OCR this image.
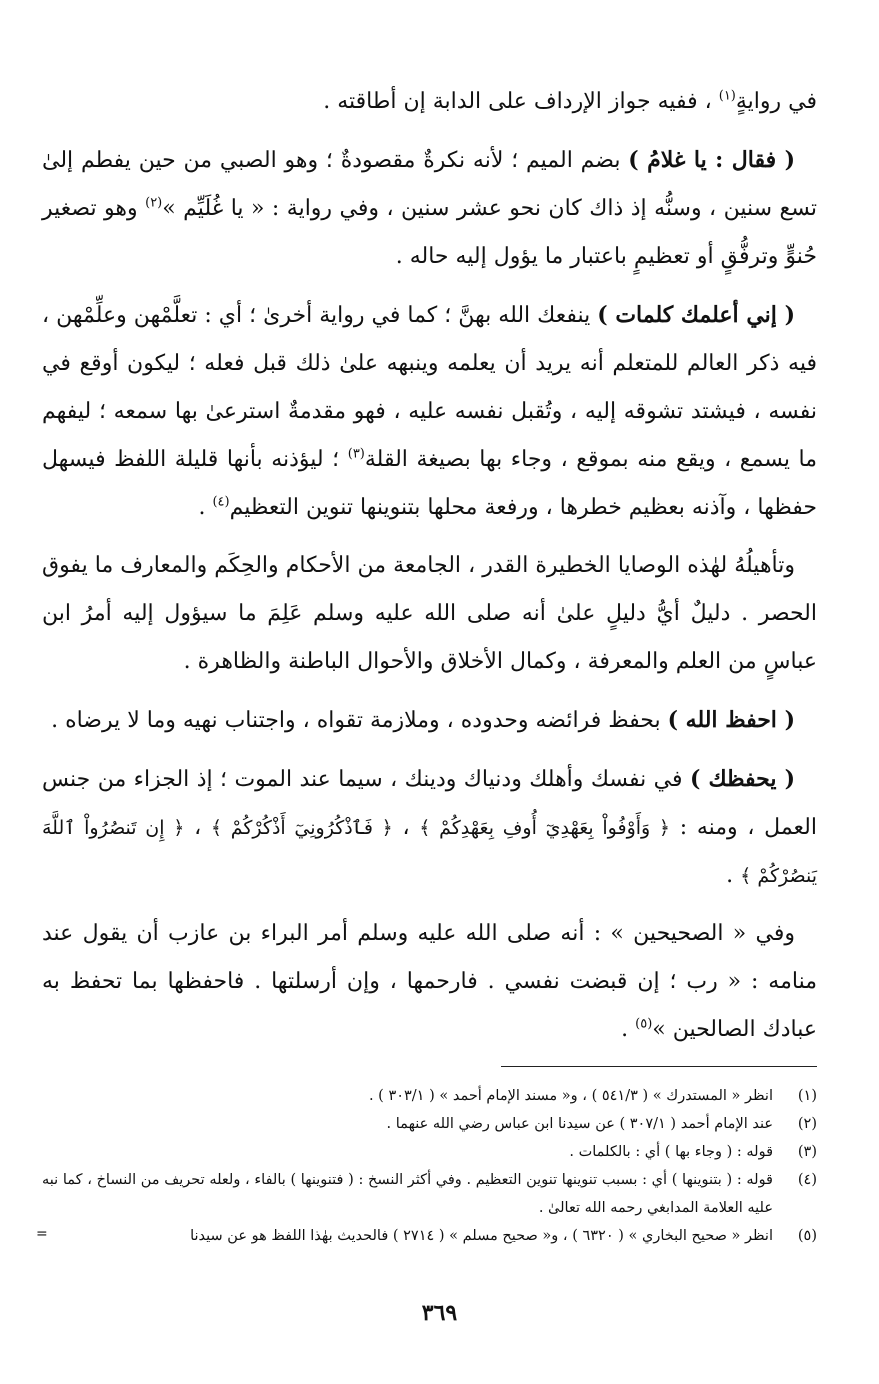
في روايةٍ$^{(١)}$ ، ففيه جواز الإرداف على الدابة إن أطاقته .

( فقال : يا غلامُ ) بضم الميم ؛ لأنه نكرةٌ مقصودةٌ ؛ وهو الصبي من حين يفطم إلىٰ تسع سنين ، وسنُّه إذ ذاك كان نحو عشر سنين ، وفي رواية : « يا غُلَيِّم »$^{(٢)}$ وهو تصغير حُنوٍّ وترفُّقٍ أو تعظيمٍ باعتبار ما يؤول إليه حاله .

( إني أعلمك كلمات ) ينفعك الله بهنَّ ؛ كما في رواية أخرىٰ ؛ أي : تعلَّمْهن وعلِّمْهن ، فيه ذكر العالم للمتعلم أنه يريد أن يعلمه وينبهه علىٰ ذلك قبل فعله ؛ ليكون أوقع في نفسه ، فيشتد تشوقه إليه ، وتُقبل نفسه عليه ، فهو مقدمةٌ استرعىٰ بها سمعه ؛ ليفهم ما يسمع ، ويقع منه بموقع ، وجاء بها بصيغة القلة$^{(٣)}$ ؛ ليؤذنه بأنها قليلة اللفظ فيسهل حفظها ، وآذنه بعظيم خطرها ، ورفعة محلها بتنوينها تنوين التعظيم$^{(٤)}$ .

وتأهيلُهُ لهٰذه الوصايا الخطيرة القدر ، الجامعة من الأحكام والحِكَم والمعارف ما يفوق الحصر . دليلٌ أيُّ دليلٍ علىٰ أنه صلى الله عليه وسلم عَلِمَ ما سيؤول إليه أمرُ ابن عباسٍ من العلم والمعرفة ، وكمال الأخلاق والأحوال الباطنة والظاهرة .

( احفظ الله ) بحفظ فرائضه وحدوده ، وملازمة تقواه ، واجتناب نهيه وما لا يرضاه .

( يحفظك ) في نفسك وأهلك ودنياك ودينك ، سيما عند الموت ؛ إذ الجزاء من جنس العمل ، ومنه : ﴿ وَأَوْفُواْ بِعَهْدِيٓ أُوفِ بِعَهْدِكُمْ ﴾ ، ﴿ فَٱذْكُرُونِيٓ أَذْكُرْكُمْ ﴾ ، ﴿ إِن تَنصُرُواْ ٱللَّهَ يَنصُرْكُمْ ﴾ .

وفي « الصحيحين » : أنه صلى الله عليه وسلم أمر البراء بن عازب أن يقول عند منامه : « رب ؛ إن قبضت نفسي . فارحمها ، وإن أرسلتها . فاحفظها بما تحفظ به عبادك الصالحين »$^{(٥)}$ .

(١)
انظر « المستدرك » ( ٥٤١/٣ ) ، و« مسند الإمام أحمد » ( ٣٠٣/١ ) .
(٢)
عند الإمام أحمد ( ٣٠٧/١ ) عن سيدنا ابن عباس رضي الله عنهما .
(٣)
قوله : ( وجاء بها ) أي : بالكلمات .
(٤)
قوله : ( بتنوينها ) أي : بسبب تنوينها تنوين التعظيم . وفي أكثر النسخ : ( فتنوينها ) بالفاء ، ولعله تحريف من النساخ ، كما نبه عليه العلامة المدابغي رحمه الله تعالىٰ .
(٥)
انظر « صحيح البخاري » ( ٦٣٢٠ ) ، و« صحيح مسلم » ( ٢٧١٤ ) فالحديث بهٰذا اللفظ هو عن سيدنا
=
٣٦٩
